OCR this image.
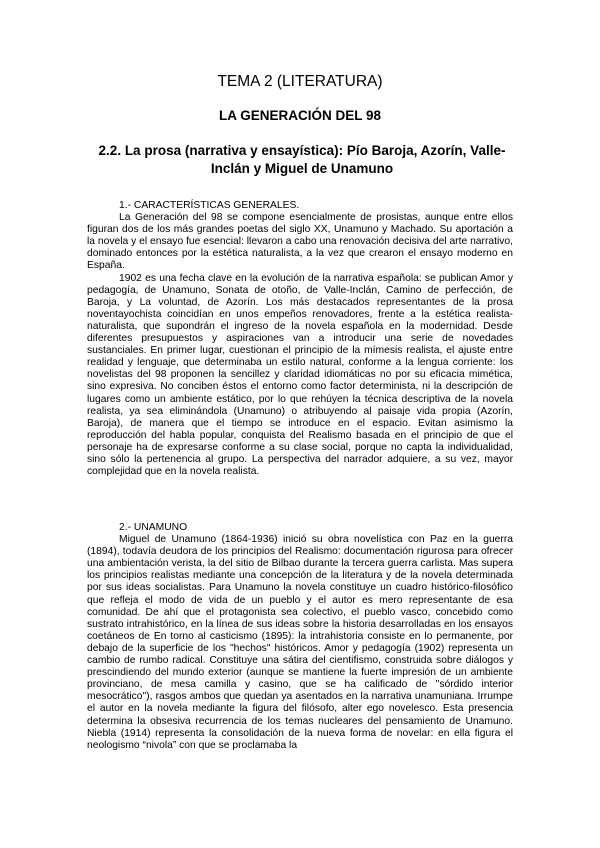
TEMA 2 (LITERATURA)
LA GENERACIÓN DEL 98
2.2. La prosa (narrativa y ensayística): Pío Baroja, Azorín, Valle-Inclán y Miguel de Unamuno

1.- CARACTERÍSTICAS GENERALES.

La Generación del 98 se compone esencialmente de prosistas, aunque entre ellos figuran dos de los más grandes poetas del siglo XX, Unamuno y Machado. Su aportación a la novela y el ensayo fue esencial: llevaron a cabo una renovación decisiva del arte narrativo, dominado entonces por la estética naturalista, a la vez que crearon el ensayo moderno en España.

1902 es una fecha clave en la evolución de la narrativa española: se publican Amor y pedagogía, de Unamuno, Sonata de otoño, de Valle-Inclán, Camino de perfección, de Baroja, y La voluntad, de Azorín. Los más destacados representantes de la prosa noventayochista coincidían en unos empeños renovadores, frente a la estética realista-naturalista, que supondrán el ingreso de la novela española en la modernidad. Desde diferentes presupuestos y aspiraciones van a introducir una serie de novedades sustanciales. En primer lugar, cuestionan el principio de la mímesis realista, el ajuste entre realidad y lenguaje, que determinaba un estilo natural, conforme a la lengua corriente: los novelistas del 98 proponen la sencillez y claridad idiomáticas no por su eficacia mimética, sino expresiva. No conciben éstos el entorno como factor determinista, ni la descripción de lugares como un ambiente estático, por lo que rehúyen la técnica descriptiva de la novela realista, ya sea eliminándola (Unamuno) o atribuyendo al paisaje vida propia (Azorín, Baroja), de manera que el tiempo se introduce en el espacio. Evitan asimismo la reproducción del habla popular, conquista del Realismo basada en el principio de que el personaje ha de expresarse conforme a su clase social, porque no capta la individualidad, sino sólo la pertenencia al grupo. La perspectiva del narrador adquiere, a su vez, mayor complejidad que en la novela realista.

2.- UNAMUNO

Miguel de Unamuno (1864-1936) inició su obra novelística con Paz en la guerra (1894), todavía deudora de los principios del Realismo: documentación rigurosa para ofrecer una ambientación verista, la del sitio de Bilbao durante la tercera guerra carlista. Mas supera los principios realistas mediante una concepción de la literatura y de la novela determinada por sus ideas socialistas. Para Unamuno la novela constituye un cuadro histórico-filosófico que refleja el modo de vida de un pueblo y el autor es mero representante de esa comunidad. De ahí que el protagonista sea colectivo, el pueblo vasco, concebido como sustrato intrahistórico, en la línea de sus ideas sobre la historia desarrolladas en los ensayos coetáneos de En torno al casticismo (1895): la intrahistoria consiste en lo permanente, por debajo de la superficie de los "hechos" históricos. Amor y pedagogía (1902) representa un cambio de rumbo radical. Constituye una sátira del cientifismo, construida sobre diálogos y prescindiendo del mundo exterior (aunque se mantiene la fuerte impresión de un ambiente provinciano, de mesa camilla y casino, que se ha calificado de "sórdido interior mesocrático"), rasgos ambos que quedan ya asentados en la narrativa unamuniana. Irrumpe el autor en la novela mediante la figura del filósofo, alter ego novelesco. Esta presencia determina la obsesiva recurrencia de los temas nucleares del pensamiento de Unamuno. Niebla (1914) representa la consolidación de la nueva forma de novelar: en ella figura el neologismo “nivola” con que se proclamaba la
